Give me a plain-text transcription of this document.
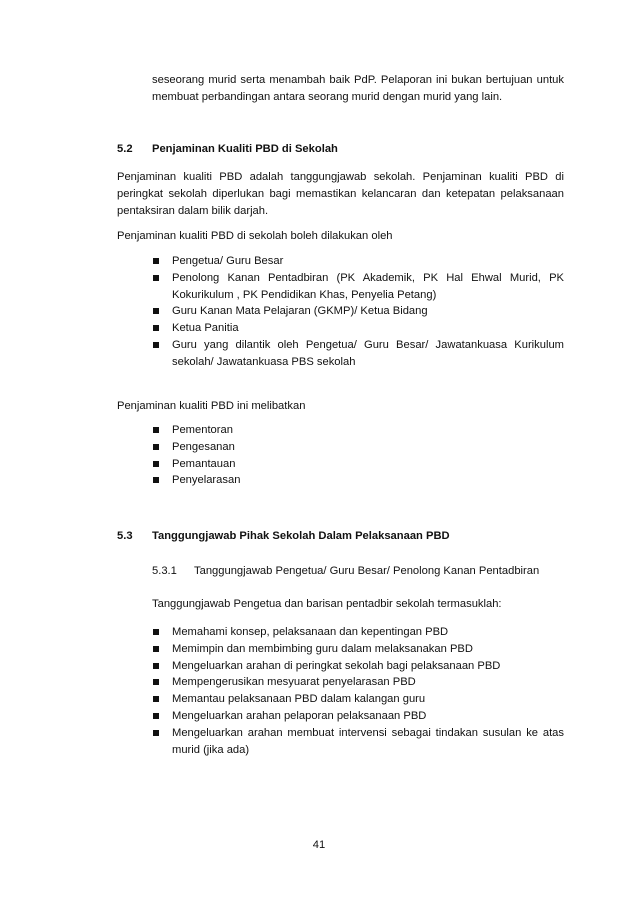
seseorang murid serta menambah baik PdP. Pelaporan ini bukan bertujuan untuk membuat perbandingan antara seorang murid dengan murid yang lain.

5.2	Penjaminan Kualiti PBD di Sekolah

Penjaminan kualiti PBD adalah tanggungjawab sekolah. Penjaminan kualiti PBD di peringkat sekolah diperlukan bagi memastikan kelancaran dan ketepatan pelaksanaan pentaksiran dalam bilik darjah.

Penjaminan kualiti PBD di sekolah boleh dilakukan oleh

Pengetua/ Guru Besar
Penolong Kanan Pentadbiran (PK Akademik, PK Hal Ehwal Murid, PK Kokurikulum , PK Pendidikan Khas, Penyelia Petang)
Guru Kanan Mata Pelajaran (GKMP)/ Ketua Bidang
Ketua Panitia
Guru yang dilantik oleh Pengetua/ Guru Besar/ Jawatankuasa Kurikulum sekolah/ Jawatankuasa PBS sekolah

Penjaminan kualiti PBD ini melibatkan

Pementoran
Pengesanan
Pemantauan
Penyelarasan
5.3	Tanggungjawab Pihak Sekolah Dalam Pelaksanaan PBD
5.3.1	Tanggungjawab Pengetua/ Guru Besar/ Penolong Kanan Pentadbiran

Tanggungjawab Pengetua dan barisan pentadbir sekolah termasuklah:

Memahami konsep, pelaksanaan dan kepentingan PBD
Memimpin dan membimbing guru dalam melaksanakan PBD
Mengeluarkan arahan di peringkat sekolah bagi pelaksanaan PBD
Mempengerusikan mesyuarat penyelarasan PBD
Memantau pelaksanaan PBD dalam kalangan guru
Mengeluarkan arahan pelaporan pelaksanaan PBD
Mengeluarkan arahan membuat intervensi sebagai tindakan susulan ke atas murid (jika ada)
41
